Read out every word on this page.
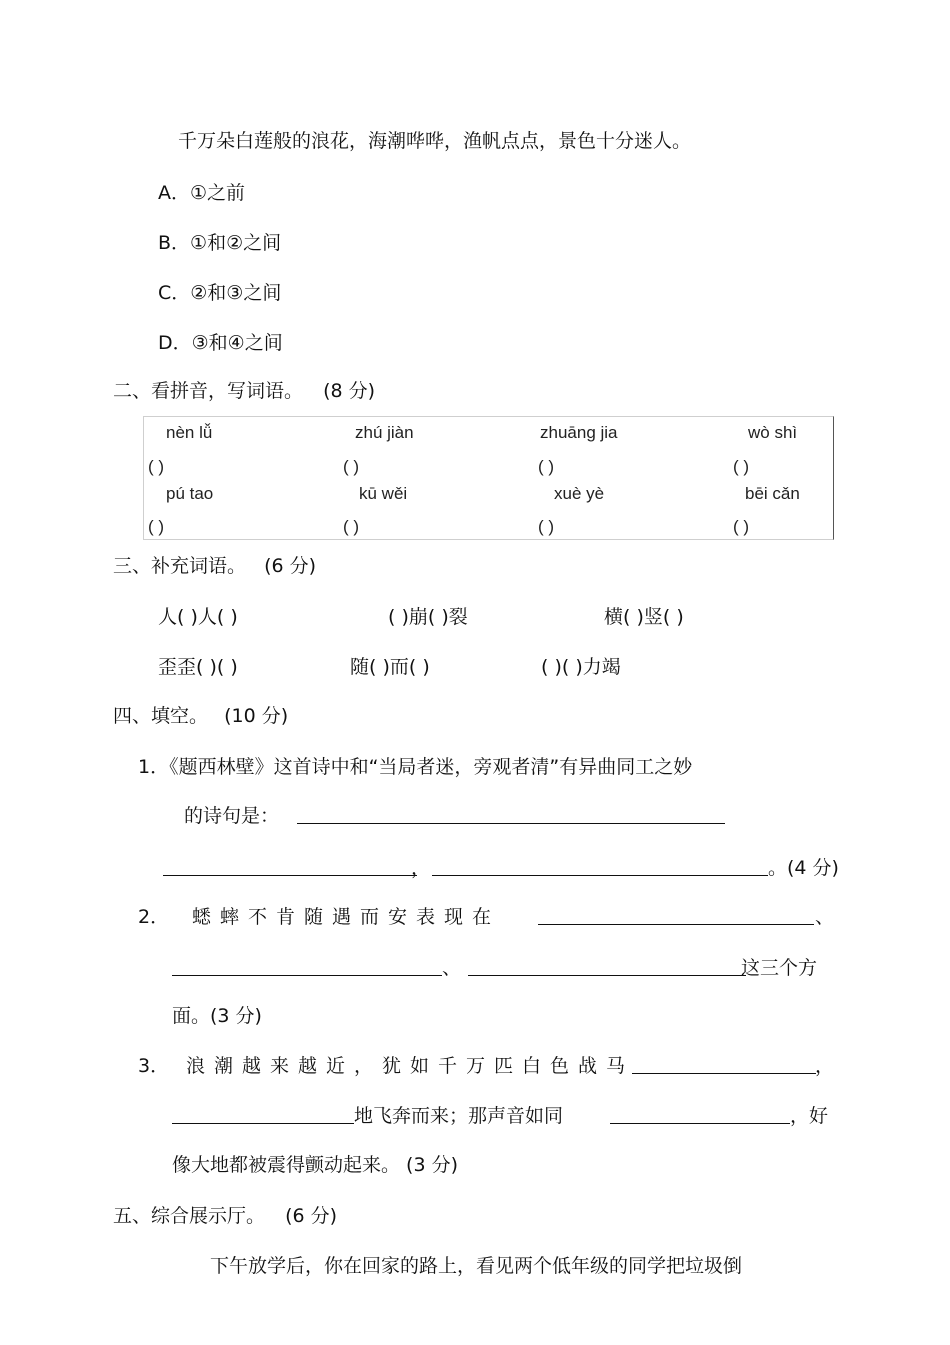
千万朵白莲般的浪花，海潮哗哗，渔帆点点，景色十分迷人。
A．①之前
B．①和②之间
C．②和③之间
D．③和④之间
二、看拼音，写词语。 (8 分)
nèn lǚ	zhú jiàn	zhuāng jia	wò shì
( )	( )	( )	( )
pú tao	kū wěi	xuè yè	bēi cǎn
( )	( )	( )	( )
三、补充词语。 (6 分)
人( )人( )	( )崩( )裂	横( )竖( )
歪歪( )( )	随( )而( )	( )( )力竭
四、填空。 (10 分)
1．《题西林壁》这首诗中和“当局者迷，旁观者清”有异曲同工之妙
的诗句是：
，	。(4 分)
2． 蟋蟀不肯随遇而安表现在	、
、	这三个方
面。(3 分)
3． 浪潮越来越近，犹如千万匹白色战马	，
地飞奔而来；那声音如同	，好
像大地都被震得颤动起来。 (3 分)
五、综合展示厅。 (6 分)
下午放学后，你在回家的路上，看见两个低年级的同学把垃圾倒
